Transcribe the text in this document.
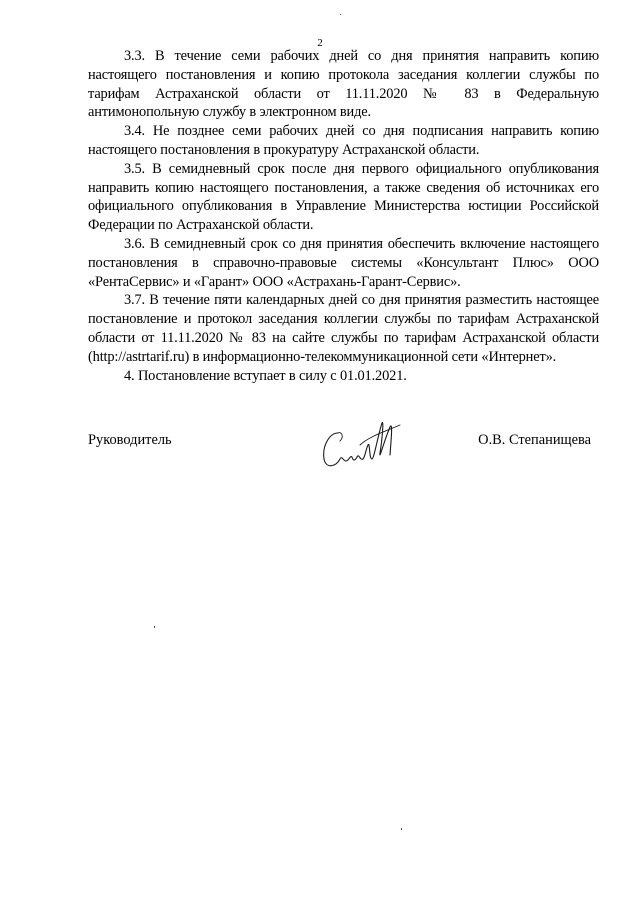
2

3.3. В течение семи рабочих дней со дня принятия направить копию настоящего постановления и копию протокола заседания коллегии службы по тарифам Астраханской области от 11.11.2020 № 83 в Федеральную антимонопольную службу в электронном виде.

3.4. Не позднее семи рабочих дней со дня подписания направить копию настоящего постановления в прокуратуру Астраханской области.

3.5. В семидневный срок после дня первого официального опубликования направить копию настоящего постановления, а также сведения об источниках его официального опубликования в Управление Министерства юстиции Российской Федерации по Астраханской области.

3.6. В семидневный срок со дня принятия обеспечить включение настоящего постановления в справочно-правовые системы «Консультант Плюс» ООО «РентаСервис» и «Гарант» ООО «Астрахань-Гарант-Сервис».

3.7. В течение пяти календарных дней со дня принятия разместить настоящее постановление и протокол заседания коллегии службы по тарифам Астраханской области от 11.11.2020 № 83 на сайте службы по тарифам Астраханской области (http://astrtarif.ru) в информационно-телекоммуникационной сети «Интернет».

4. Постановление вступает в силу с 01.01.2021.

Руководитель	О.В. Степанищева
